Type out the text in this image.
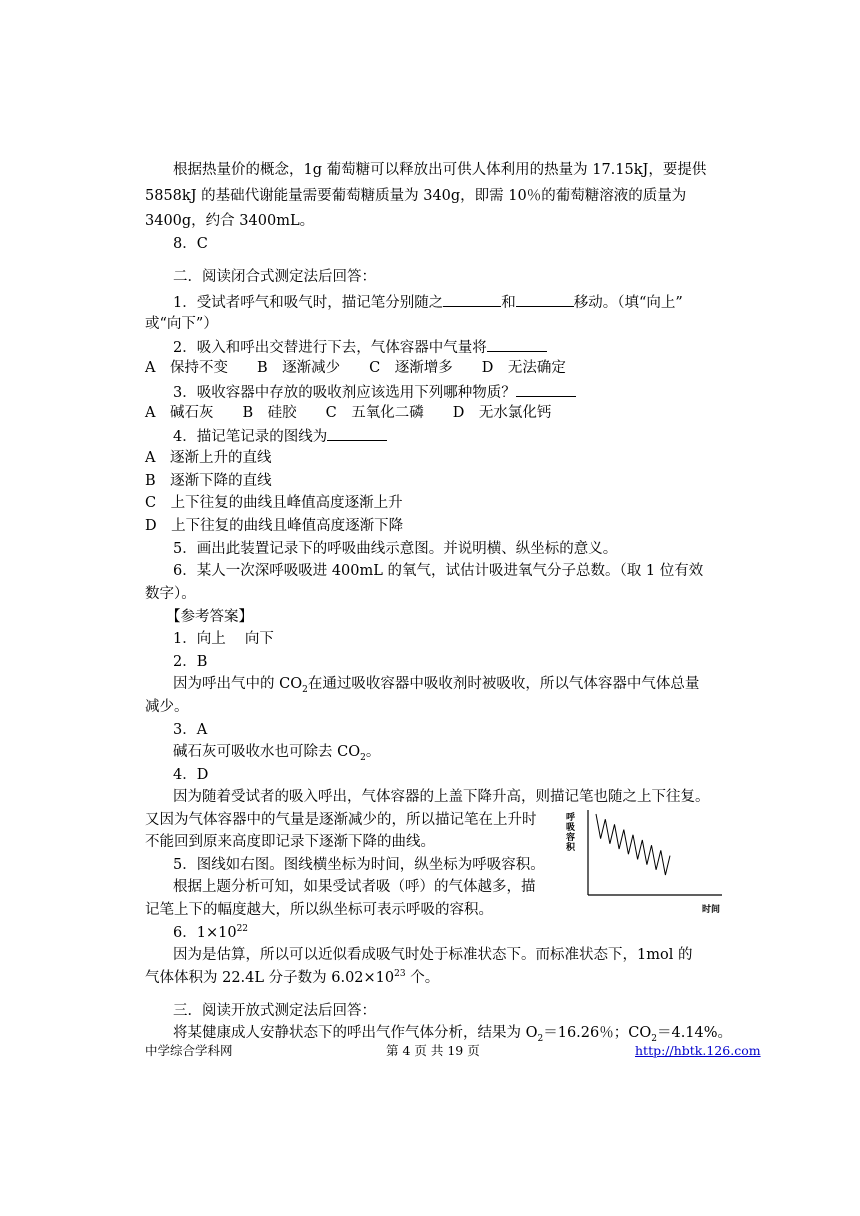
根据热量价的概念，1g 葡萄糖可以释放出可供人体利用的热量为 17.15kJ，要提供
5858kJ 的基础代谢能量需要葡萄糖质量为 340g，即需 10％的葡萄糖溶液的质量为
3400g，约合 3400mL。
8．C
二．阅读闭合式测定法后回答：
1．受试者呼气和吸气时，描记笔分别随之	和	移动。（填“向上”
或“向下”）
2．吸入和呼出交替进行下去，气体容器中气量将
A　保持不变　　B　逐渐减少　　C　逐渐增多　　D　无法确定
3．吸收容器中存放的吸收剂应该选用下列哪种物质？
A　碱石灰　　B　硅胶　　C　五氧化二磷　　D　无水氯化钙
4．描记笔记录的图线为
A　逐渐上升的直线
B　逐渐下降的直线
C　上下往复的曲线且峰值高度逐渐上升
D　上下往复的曲线且峰值高度逐渐下降
5．画出此装置记录下的呼吸曲线示意图。并说明横、纵坐标的意义。
6．某人一次深呼吸吸进 400mL 的氧气，试估计吸进氧气分子总数。（取 1 位有效
数字）。
【参考答案】
1．向上　 向下
2．B
因为呼出气中的 $CO_2$在通过吸收容器中吸收剂时被吸收，所以气体容器中气体总量
减少。
3．A
碱石灰可吸收水也可除去 $CO_2$。
4．D
因为随着受试者的吸入呼出，气体容器的上盖下降升高，则描记笔也随之上下往复。
又因为气体容器中的气量是逐渐减少的，所以描记笔在上升时
不能回到原来高度即记录下逐渐下降的曲线。
5．图线如右图。图线横坐标为时间，纵坐标为呼吸容积。
根据上题分析可知，如果受试者吸（呼）的气体越多，描
记笔上下的幅度越大，所以纵坐标可表示呼吸的容积。
6．$1\times 10^{22}$
因为是估算，所以可以近似看成吸气时处于标准状态下。而标准状态下，1mol 的
气体体积为 22.4L 分子数为 $6.02\times 10^{23}$ 个。
三．阅读开放式测定法后回答：
将某健康成人安静状态下的呼出气作气体分析，结果为 $O_2=16.26$％；$CO_2=4.14\%$。
呼吸容积
时间
中学综合学科网	第 4 页 共 19 页	http://hbtk.126.com
